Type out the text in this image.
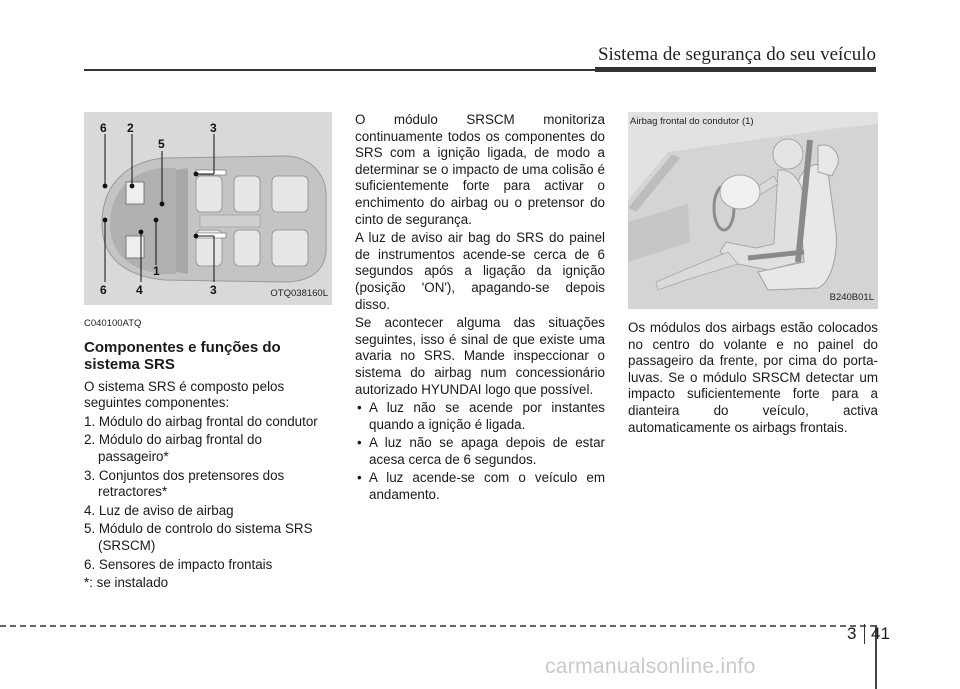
Sistema de segurança do seu veículo
6 2
5
3
1
6 4	3	OTQ038160L
C040100ATQ
Componentes e funções do sistema SRS

O sistema SRS é composto pelos seguintes componentes:

1. Módulo do airbag frontal do condutor
2. Módulo do airbag frontal do passageiro*
3. Conjuntos dos pretensores dos retractores*
4. Luz de aviso de airbag
5. Módulo de controlo do sistema SRS (SRSCM)
6. Sensores de impacto frontais
*: se instalado

O módulo SRSCM monitoriza continuamente todos os componentes do SRS com a ignição ligada, de modo a determinar se o impacto de uma colisão é suficientemente forte para activar o enchimento do airbag ou o pretensor do cinto de segurança.

A luz de aviso air bag do SRS do painel de instrumentos acende-se cerca de 6 segundos após a ligação da ignição (posição 'ON'), apagando-se depois disso.

Se acontecer alguma das situações seguintes, isso é sinal de que existe uma avaria no SRS. Mande inspeccionar o sistema do airbag num concessionário autorizado HYUNDAI logo que possível.

• A luz não se acende por instantes quando a ignição é ligada.
• A luz não se apaga depois de estar acesa cerca de 6 segundos.
• A luz acende-se com o veículo em andamento.
Airbag frontal do condutor (1)
B240B01L

Os módulos dos airbags estão colocados no centro do volante e no painel do passageiro da frente, por cima do porta-luvas. Se o módulo SRSCM detectar um impacto suficientemente forte para a dianteira do veículo, activa automaticamente os airbags frontais.

3 41
carmanualsonline.info
